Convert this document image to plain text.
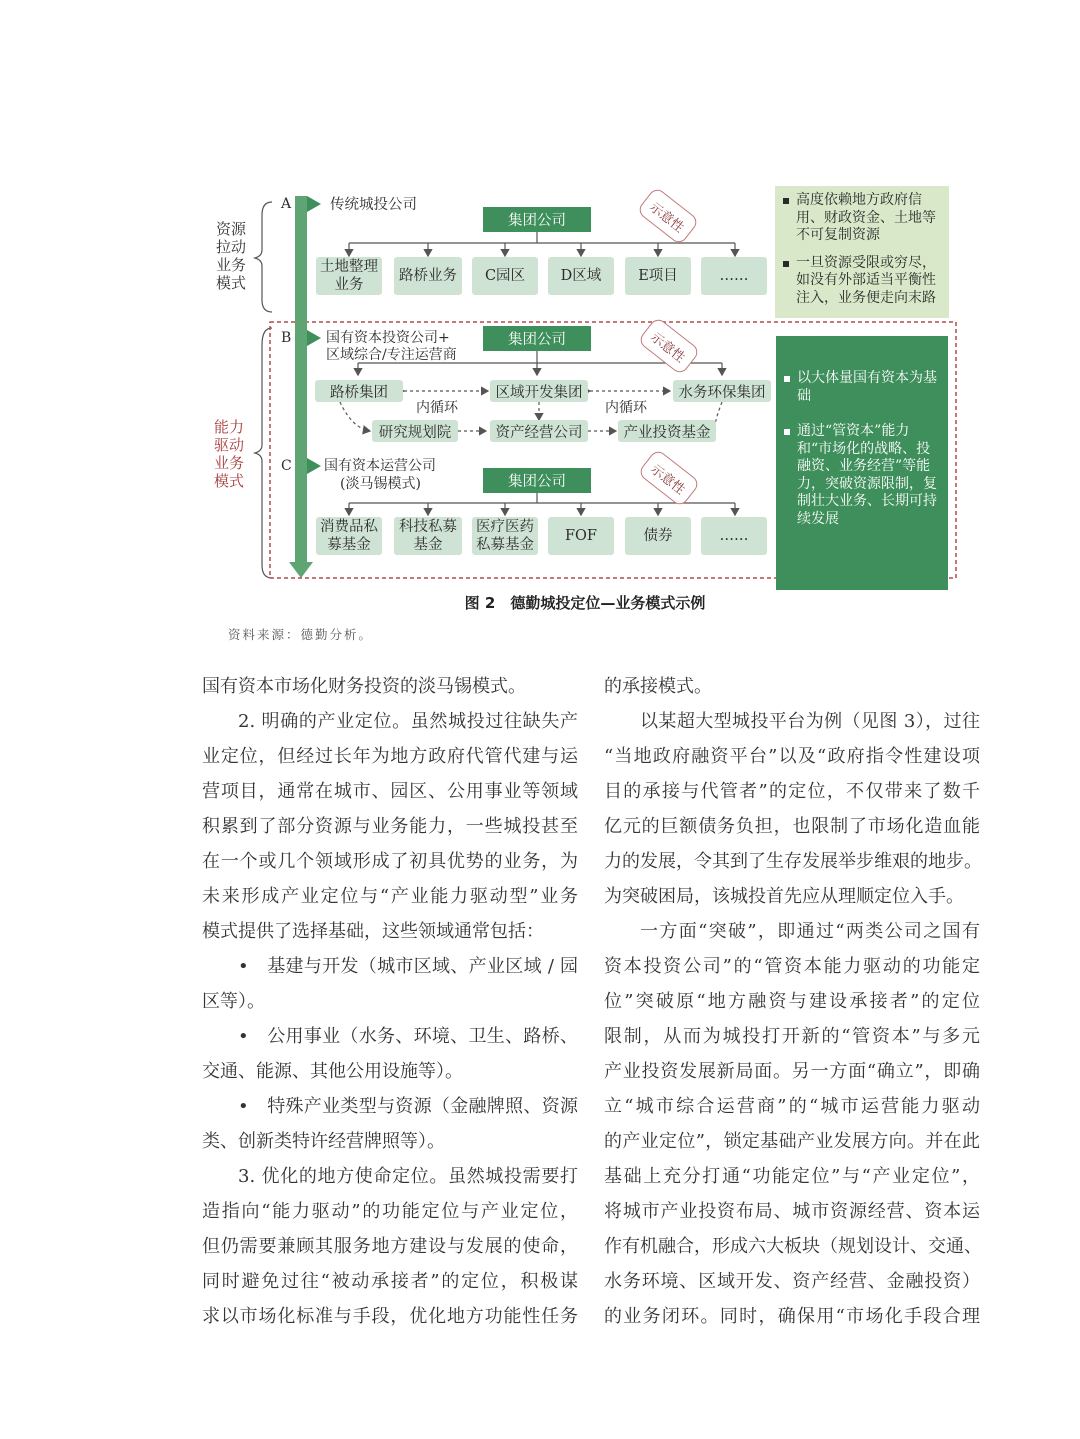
资源拉动业务模式
能力驱动业务模式
A	传统城投公司
集团公司	示意性
土地整理业务
路桥业务	C园区	D区域	E项目	……
B 国有资本投资公司+
区域综合/专注运营商
集团公司	示意性
路桥集团	区域开发集团	水务环保集团
内循环	内循环
研究规划院	资产经营公司	产业投资基金
C 国有资本运营公司
(淡马锡模式)	集团公司	示意性
消费品私募基金
科技私募基金
医疗医药私募基金
FOF	债券	……
高度依赖地方政府信用、财政资金、土地等不可复制资源
一旦资源受限或穷尽，如没有外部适当平衡性注入，业务便走向末路
以大体量国有资本为基础
通过“管资本”能力和“市场化的战略、投融资、业务经营”等能力，突破资源限制，复制壮大业务、长期可持续发展
图 2　德勤城投定位—业务模式示例
资料来源：德勤分析。
国有资本市场化财务投资的淡马锡模式。
2. 明确的产业定位。虽然城投过往缺失产
业定位，但经过长年为地方政府代管代建与运
营项目，通常在城市、园区、公用事业等领域
积累到了部分资源与业务能力，一些城投甚至
在一个或几个领域形成了初具优势的业务，为
未来形成产业定位与“产业能力驱动型”业务
模式提供了选择基础，这些领域通常包括：
•　基建与开发（城市区域、产业区域 / 园
区等）。
•　公用事业（水务、环境、卫生、路桥、
交通、能源、其他公用设施等）。
•　特殊产业类型与资源（金融牌照、资源
类、创新类特许经营牌照等）。
3. 优化的地方使命定位。虽然城投需要打
造指向“能力驱动”的功能定位与产业定位，
但仍需要兼顾其服务地方建设与发展的使命，
同时避免过往“被动承接者”的定位，积极谋
求以市场化标准与手段，优化地方功能性任务
的承接模式。
以某超大型城投平台为例（见图 3），过往
“当地政府融资平台”以及“政府指令性建设项
目的承接与代管者”的定位，不仅带来了数千
亿元的巨额债务负担，也限制了市场化造血能
力的发展，令其到了生存发展举步维艰的地步。
为突破困局，该城投首先应从理顺定位入手。
一方面“突破”，即通过“两类公司之国有
资本投资公司”的“管资本能力驱动的功能定
位”突破原“地方融资与建设承接者”的定位
限制，从而为城投打开新的“管资本”与多元
产业投资发展新局面。另一方面“确立”，即确
立“城市综合运营商”的“城市运营能力驱动
的产业定位”，锁定基础产业发展方向。并在此
基础上充分打通“功能定位”与“产业定位”，
将城市产业投资布局、城市资源经营、资本运
作有机融合，形成六大板块（规划设计、交通、
水务环境、区域开发、资产经营、金融投资）
的业务闭环。同时，确保用“市场化手段合理
